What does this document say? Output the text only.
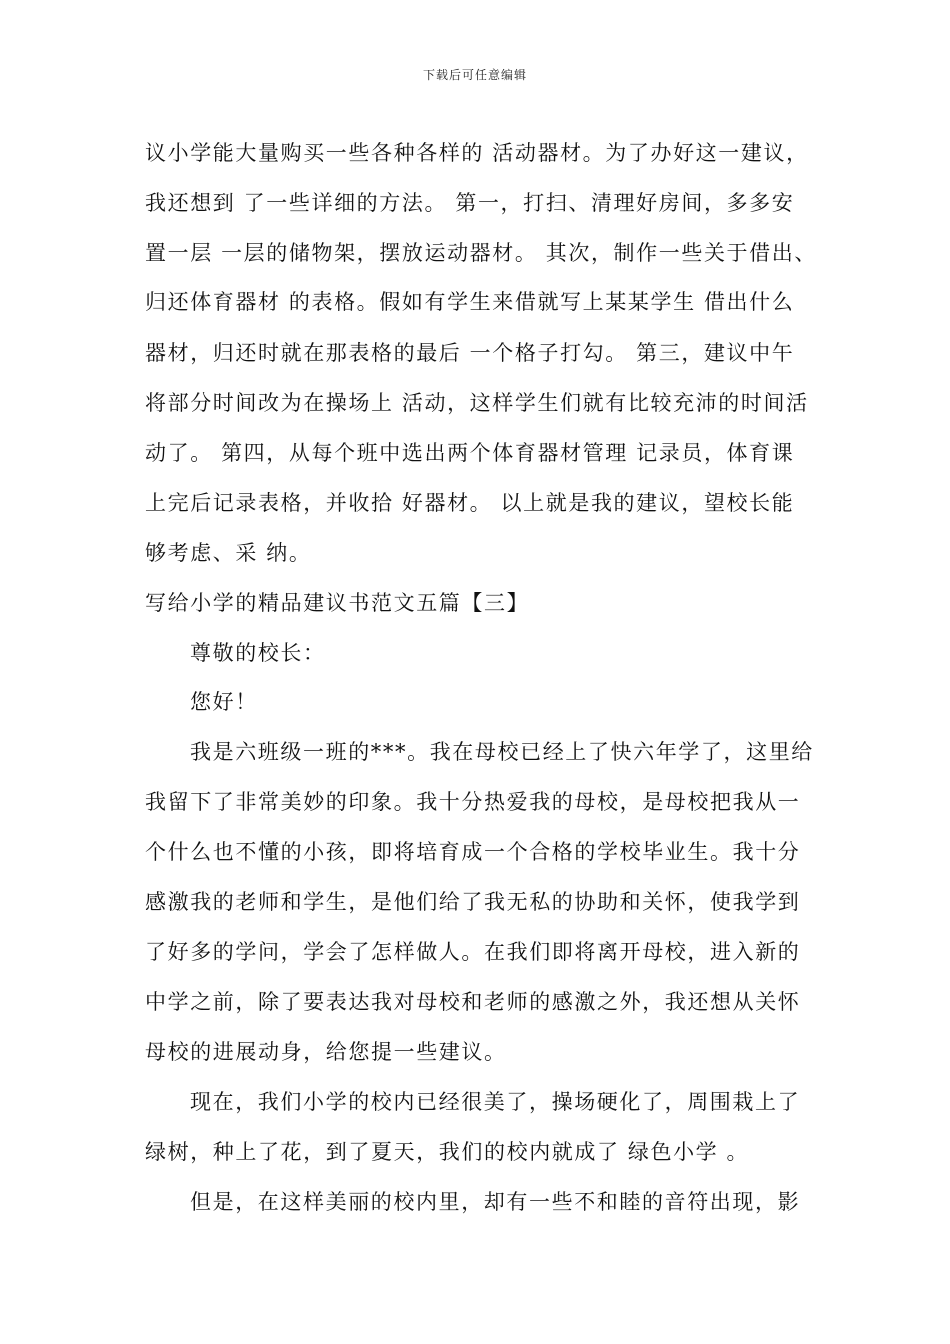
下载后可任意编辑
议小学能大量购买一些各种各样的 活动器材。为了办好这一建议，
我还想到 了一些详细的方法。 第一，打扫、清理好房间，多多安
置一层 一层的储物架，摆放运动器材。 其次，制作一些关于借出、
归还体育器材 的表格。假如有学生来借就写上某某学生 借出什么
器材，归还时就在那表格的最后 一个格子打勾。 第三，建议中午
将部分时间改为在操场上 活动，这样学生们就有比较充沛的时间活
动了。 第四，从每个班中选出两个体育器材管理 记录员，体育课
上完后记录表格，并收拾 好器材。 以上就是我的建议，望校长能
够考虑、采 纳。
写给小学的精品建议书范文五篇【三】
尊敬的校长：
您好！
我是六班级一班的***。我在母校已经上了快六年学了，这里给
我留下了非常美妙的印象。我十分热爱我的母校，是母校把我从一
个什么也不懂的小孩，即将培育成一个合格的学校毕业生。我十分
感激我的老师和学生，是他们给了我无私的协助和关怀，使我学到
了好多的学问，学会了怎样做人。在我们即将离开母校，进入新的
中学之前，除了要表达我对母校和老师的感激之外，我还想从关怀
母校的进展动身，给您提一些建议。
现在，我们小学的校内已经很美了，操场硬化了，周围栽上了
绿树，种上了花，到了夏天，我们的校内就成了 绿色小学 。
但是，在这样美丽的校内里，却有一些不和睦的音符出现，影
